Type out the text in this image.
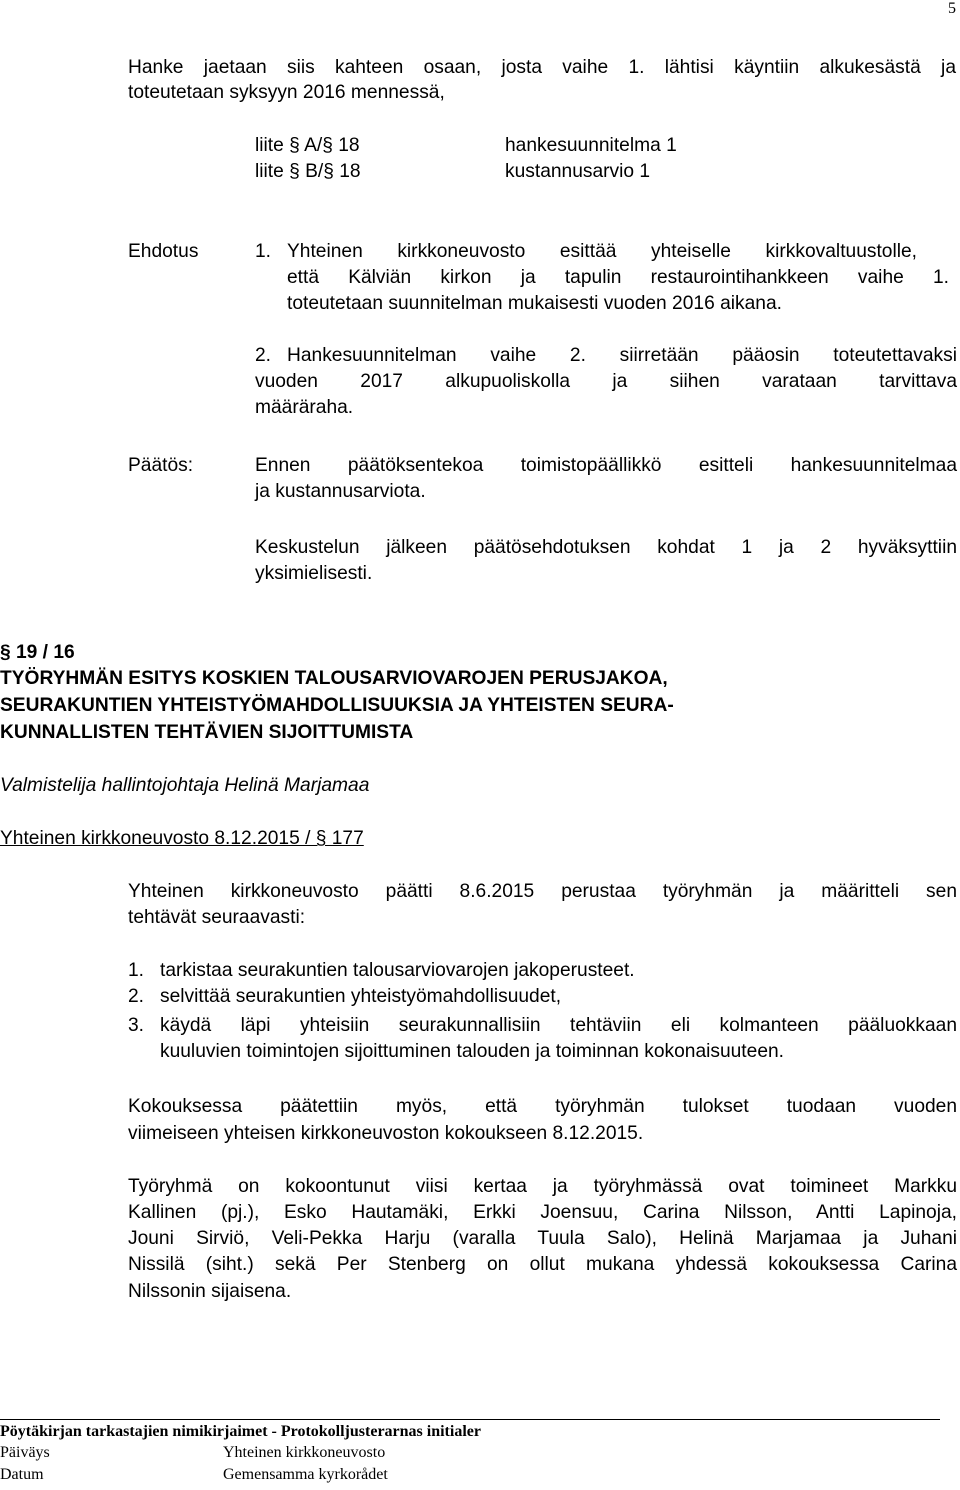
5
Hanke jaetaan siis kahteen osaan, josta vaihe 1. lähtisi käyntiin alkukesästä ja
toteutetaan syksyyn 2016 mennessä,
liite § A/§ 18	hankesuunnitelma 1
liite § B/§ 18	kustannusarvio 1
Ehdotus	1. Yhteinen kirkkoneuvosto esittää yhteiselle kirkkovaltuustolle,
että Kälviän kirkon ja tapulin restaurointihankkeen vaihe 1.
toteutetaan suunnitelman mukaisesti vuoden 2016 aikana.
2. Hankesuunnitelman vaihe 2. siirretään pääosin toteutettavaksi
vuoden 2017 alkupuoliskolla ja siihen varataan tarvittava
määräraha.
Päätös:	Ennen päätöksentekoa toimistopäällikkö esitteli hankesuunnitelmaa
ja kustannusarviota.
Keskustelun jälkeen päätösehdotuksen kohdat 1 ja 2 hyväksyttiin
yksimielisesti.
§ 19 / 16
TYÖRYHMÄN ESITYS KOSKIEN TALOUSARVIOVAROJEN PERUSJAKOA,
SEURAKUNTIEN YHTEISTYÖMAHDOLLISUUKSIA JA YHTEISTEN SEURA-
KUNNALLISTEN TEHTÄVIEN SIJOITTUMISTA
Valmistelija hallintojohtaja Helinä Marjamaa
Yhteinen kirkkoneuvosto 8.12.2015 / § 177
Yhteinen kirkkoneuvosto päätti 8.6.2015 perustaa työryhmän ja määritteli sen
tehtävät seuraavasti:
1. tarkistaa seurakuntien talousarviovarojen jakoperusteet.
2. selvittää seurakuntien yhteistyömahdollisuudet,
3. käydä läpi yhteisiin seurakunnallisiin tehtäviin eli kolmanteen pääluokkaan
kuuluvien toimintojen sijoittuminen talouden ja toiminnan kokonaisuuteen.
Kokouksessa päätettiin myös, että työryhmän tulokset tuodaan vuoden
viimeiseen yhteisen kirkkoneuvoston kokoukseen 8.12.2015.
Työryhmä on kokoontunut viisi kertaa ja työryhmässä ovat toimineet Markku
Kallinen (pj.), Esko Hautamäki, Erkki Joensuu, Carina Nilsson, Antti Lapinoja,
Jouni Sirviö, Veli-Pekka Harju (varalla Tuula Salo), Helinä Marjamaa ja Juhani
Nissilä (siht.) sekä Per Stenberg on ollut mukana yhdessä kokouksessa Carina
Nilssonin sijaisena.
Pöytäkirjan tarkastajien nimikirjaimet - Protokolljusterarnas initialer
Päiväys	Yhteinen kirkkoneuvosto
Datum	Gemensamma kyrkorådet
